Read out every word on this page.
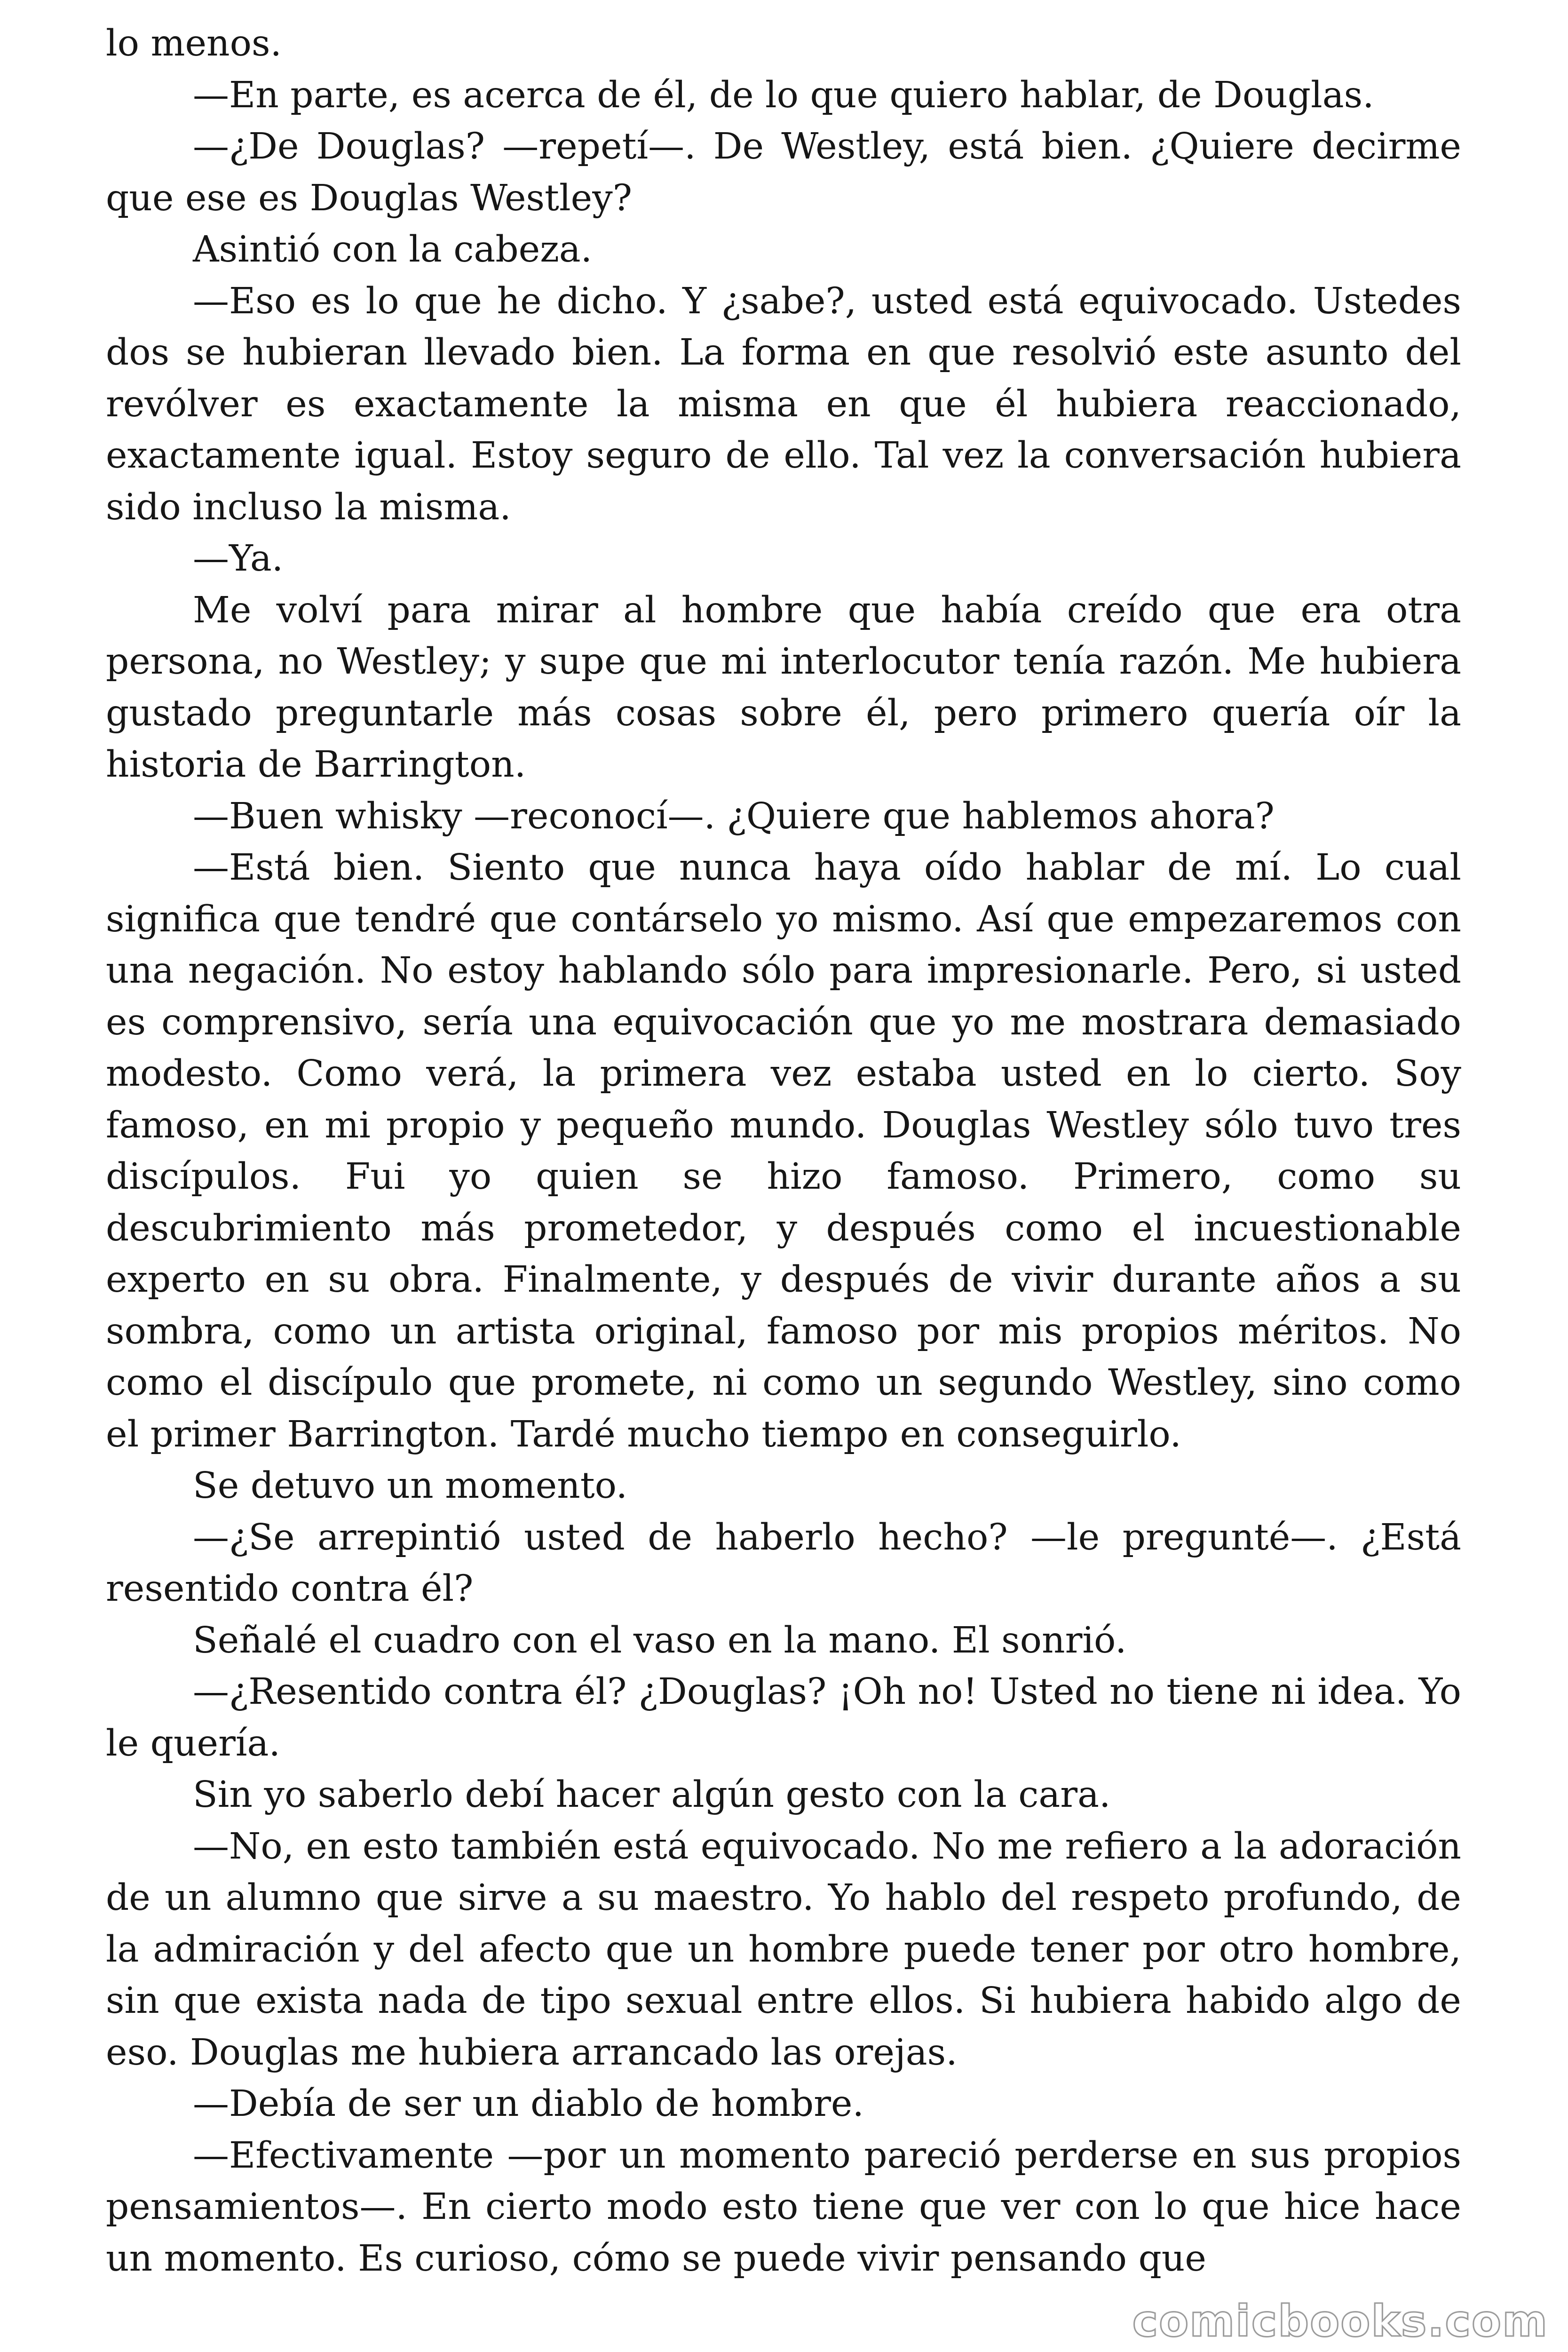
lo menos.

—En parte, es acerca de él, de lo que quiero hablar, de Douglas.

—¿De Douglas? —repetí—. De Westley, está bien. ¿Quiere decirme que ese es Douglas Westley?

Asintió con la cabeza.

—Eso es lo que he dicho. Y ¿sabe?, usted está equivocado. Ustedes dos se hubieran llevado bien. La forma en que resolvió este asunto del revólver es exactamente la misma en que él hubiera reaccionado, exactamente igual. Estoy seguro de ello. Tal vez la conversación hubiera sido incluso la misma.

—Ya.

Me volví para mirar al hombre que había creído que era otra persona, no Westley; y supe que mi interlocutor tenía razón. Me hubiera gustado preguntarle más cosas sobre él, pero primero quería oír la historia de Barrington.

—Buen whisky —reconocí—. ¿Quiere que hablemos ahora?

—Está bien. Siento que nunca haya oído hablar de mí. Lo cual significa que tendré que contárselo yo mismo. Así que empezaremos con una negación. No estoy hablando sólo para impresionarle. Pero, si usted es comprensivo, sería una equivocación que yo me mostrara demasiado modesto. Como verá, la primera vez estaba usted en lo cierto. Soy famoso, en mi propio y pequeño mundo. Douglas Westley sólo tuvo tres discípulos. Fui yo quien se hizo famoso. Primero, como su descubrimiento más prometedor, y después como el incuestionable experto en su obra. Finalmente, y después de vivir durante años a su sombra, como un artista original, famoso por mis propios méritos. No como el discípulo que promete, ni como un segundo Westley, sino como el primer Barrington. Tardé mucho tiempo en conseguirlo.

Se detuvo un momento.

—¿Se arrepintió usted de haberlo hecho? —le pregunté—. ¿Está resentido contra él?

Señalé el cuadro con el vaso en la mano. El sonrió.

—¿Resentido contra él? ¿Douglas? ¡Oh no! Usted no tiene ni idea. Yo le quería.

Sin yo saberlo debí hacer algún gesto con la cara.

—No, en esto también está equivocado. No me refiero a la adoración de un alumno que sirve a su maestro. Yo hablo del respeto profundo, de la admiración y del afecto que un hombre puede tener por otro hombre, sin que exista nada de tipo sexual entre ellos. Si hubiera habido algo de eso. Douglas me hubiera arrancado las orejas.

—Debía de ser un diablo de hombre.

—Efectivamente —por un momento pareció perderse en sus propios pensamientos—. En cierto modo esto tiene que ver con lo que hice hace un momento. Es curioso, cómo se puede vivir pensando que

comicbooks.com
